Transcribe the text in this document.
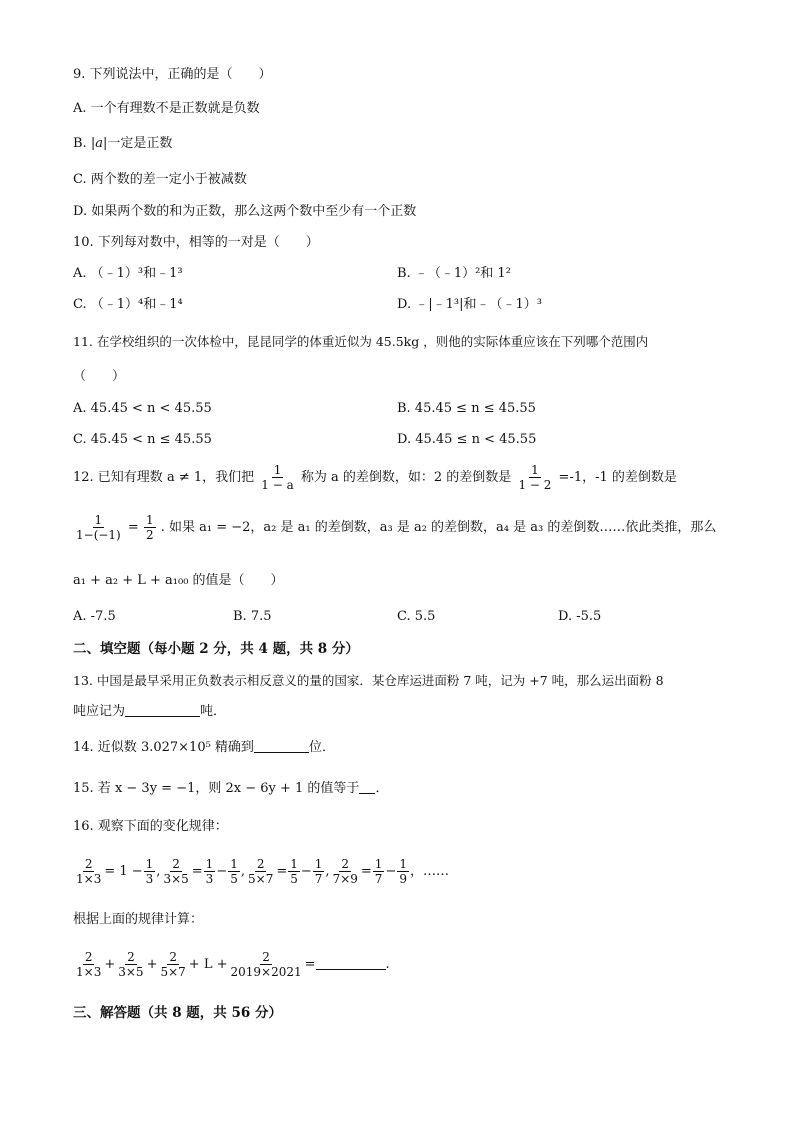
9. 下列说法中，正确的是（　　）
A. 一个有理数不是正数就是负数
B. |a|一定是正数
C. 两个数的差一定小于被减数
D. 如果两个数的和为正数，那么这两个数中至少有一个正数
10. 下列每对数中，相等的一对是（　　）
A. （﹣1）³和﹣1³	B. ﹣（﹣1）²和 1²
C. （﹣1）⁴和﹣1⁴	D. ﹣|﹣1³|和﹣（﹣1）³
11. 在学校组织的一次体检中，昆昆同学的体重近似为 45.5kg ，则他的实际体重应该在下列哪个范围内
（　　）
A. 45.45 < n < 45.55	B. 45.45 ≤ n ≤ 45.55
C. 45.45 < n ≤ 45.55	D. 45.45 ≤ n < 45.55
12. 已知有理数 a ≠ 1，我们把 $\frac{1}{1 - a}$ 称为 a 的差倒数，如：2 的差倒数是 $\frac{1}{1 - 2} =-1$，-1 的差倒数是
$\frac{1}{1-(-1)} = \frac{1}{2}$ . 如果 a₁ = −2，a₂ 是 a₁ 的差倒数，a₃ 是 a₂ 的差倒数，a₄ 是 a₃ 的差倒数……依此类推，那么
a₁ + a₂ + L + a₁₀₀ 的值是（　　）
A. -7.5	B. 7.5	C. 5.5	D. -5.5
二、填空题（每小题 2 分，共 4 题，共 8 分）
13. 中国是最早采用正负数表示相反意义的量的国家．某仓库运进面粉 7 吨，记为 +7 吨，那么运出面粉 8
吨应记为	吨．
14. 近似数 3.027×10⁵ 精确到	位．
15. 若 x − 3y = −1，则 2x − 6y + 1 的值等于 ．
16. 观察下面的变化规律：
$\frac{2}{1\times 3} = 1 - \frac{1}{3}$ , $\frac{2}{3\times 5} = \frac{1}{3} - \frac{1}{5}$ , $\frac{2}{5\times 7} = \frac{1}{5} - \frac{1}{7}$ , $\frac{2}{7\times 9} = \frac{1}{7} - \frac{1}{9}$ ，……
根据上面的规律计算：
$\frac{2}{1\times 3} + \frac{2}{3\times 5} + \frac{2}{5\times 7} + L + \frac{2}{2019\times 2021}$ =	.
三、解答题（共 8 题，共 56 分）
